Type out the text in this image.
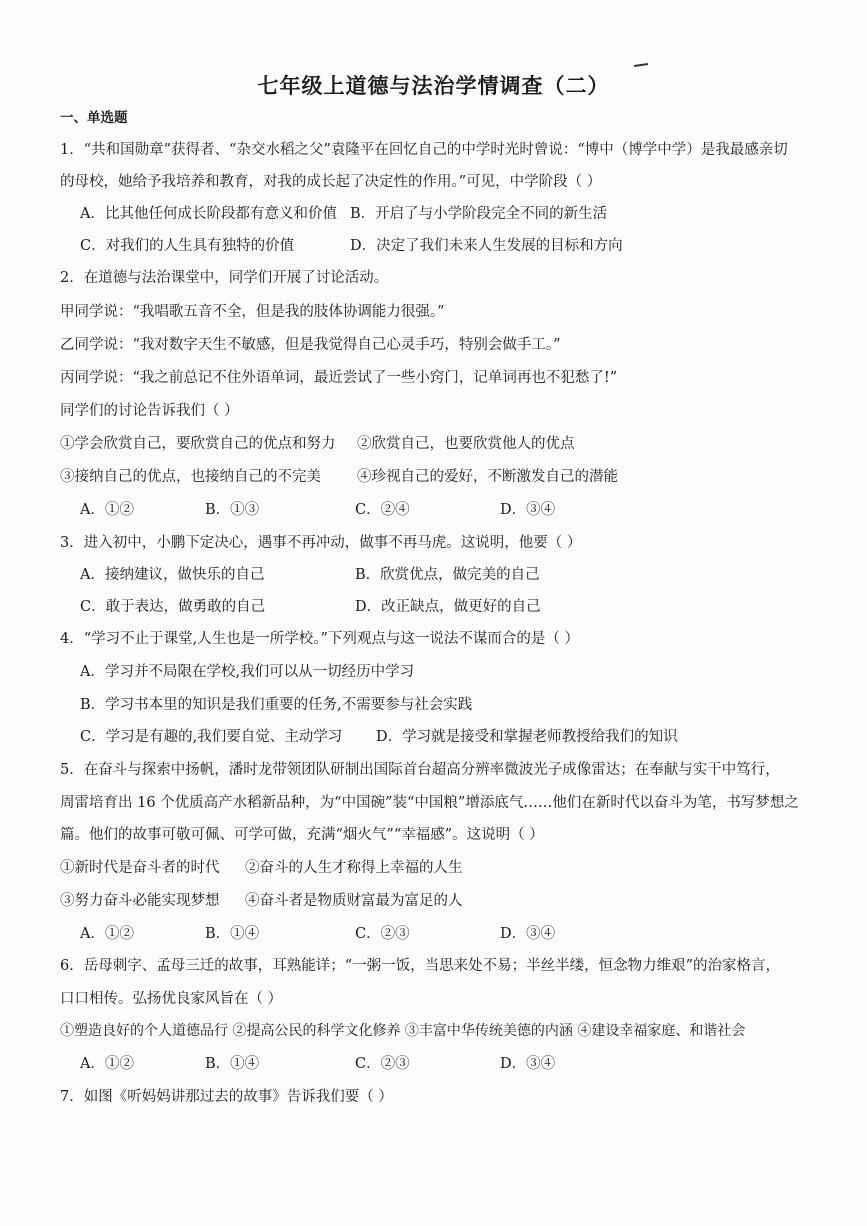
七年级上道德与法治学情调查（二）
一、单选题
1．“共和国勋章”获得者、“杂交水稻之父”袁隆平在回忆自己的中学时光时曾说：“博中（博学中学）是我最感亲切
的母校，她给予我培养和教育，对我的成长起了决定性的作用。”可见，中学阶段（ ）
A．比其他任何成长阶段都有意义和价值 B．开启了与小学阶段完全不同的新生活
C．对我们的人生具有独特的价值	D．决定了我们未来人生发展的目标和方向
2．在道德与法治课堂中，同学们开展了讨论活动。
甲同学说：“我唱歌五音不全，但是我的肢体协调能力很强。”
乙同学说：“我对数字天生不敏感，但是我觉得自己心灵手巧，特别会做手工。”
丙同学说：“我之前总记不住外语单词，最近尝试了一些小窍门，记单词再也不犯愁了!”
同学们的讨论告诉我们（ ）
①学会欣赏自己，要欣赏自己的优点和努力 ②欣赏自己，也要欣赏他人的优点
③接纳自己的优点，也接纳自己的不完美 ④珍视自己的爱好，不断激发自己的潜能
A．①②	B．①③	C．②④	D．③④
3．进入初中，小鹏下定决心，遇事不再冲动，做事不再马虎。这说明，他要（ ）
A．接纳建议，做快乐的自己	B．欣赏优点，做完美的自己
C．敢于表达，做勇敢的自己	D．改正缺点，做更好的自己
4．“学习不止于课堂,人生也是一所学校。”下列观点与这一说法不谋而合的是（ ）
A．学习并不局限在学校,我们可以从一切经历中学习
B．学习书本里的知识是我们重要的任务,不需要参与社会实践
C．学习是有趣的,我们要自觉、主动学习 D．学习就是接受和掌握老师教授给我们的知识
5．在奋斗与探索中扬帆，潘时龙带领团队研制出国际首台超高分辨率微波光子成像雷达；在奉献与实干中笃行，
周雷培育出 16 个优质高产水稻新品种，为“中国碗”装“中国粮”增添底气……他们在新时代以奋斗为笔，书写梦想之
篇。他们的故事可敬可佩、可学可做，充满“烟火气”“幸福感”。这说明（ ）
①新时代是奋斗者的时代 ②奋斗的人生才称得上幸福的人生
③努力奋斗必能实现梦想 ④奋斗者是物质财富最为富足的人
A．①②	B．①④	C．②③	D．③④
6．岳母刺字、孟母三迁的故事，耳熟能详；“一粥一饭，当思来处不易；半丝半缕，恒念物力维艰”的治家格言，
口口相传。弘扬优良家风旨在（ ）
①塑造良好的个人道德品行 ②提高公民的科学文化修养 ③丰富中华传统美德的内涵 ④建设幸福家庭、和谐社会
A．①②	B．①④	C．②③	D．③④
7．如图《听妈妈讲那过去的故事》告诉我们要（ ）
